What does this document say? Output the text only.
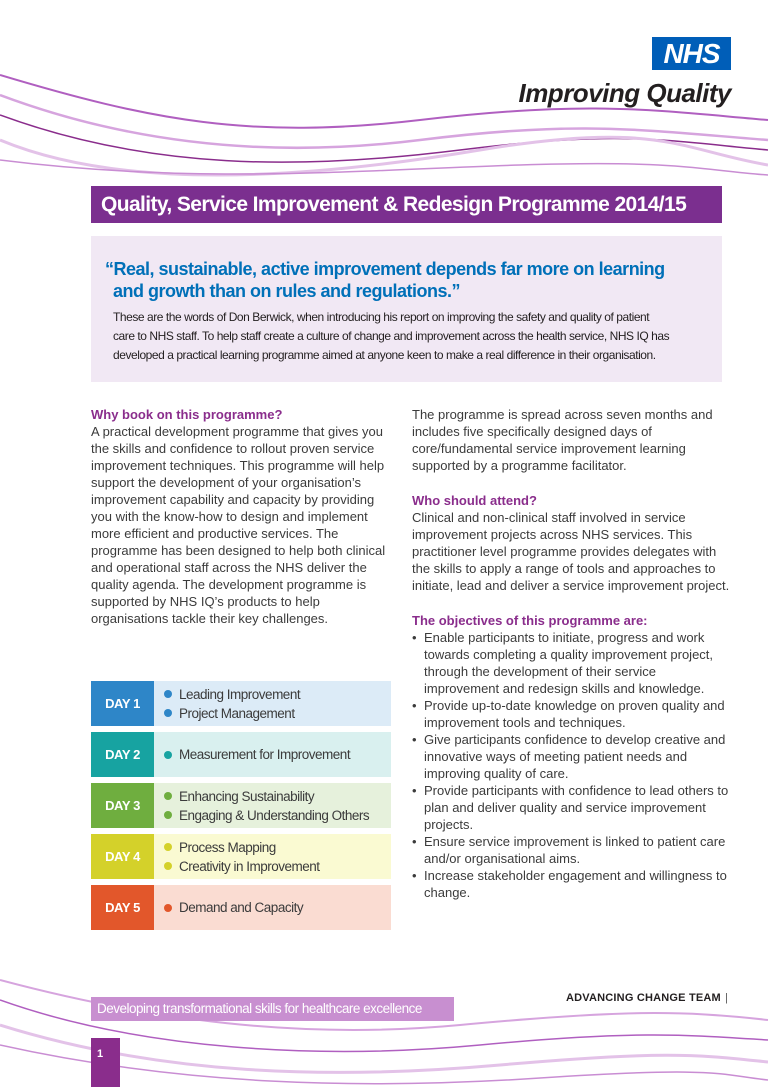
NHS
Improving Quality
Quality, Service Improvement & Redesign Programme 2014/15
“Real, sustainable, active improvement depends far more on learning
and growth than on rules and regulations.”
These are the words of Don Berwick, when introducing his report on improving the safety and quality of patient
care to NHS staff. To help staff create a culture of change and improvement across the health service, NHS IQ has
developed a practical learning programme aimed at anyone keen to make a real difference in their organisation.
Why book on this programme?

A practical development programme that gives you the skills and confidence to rollout proven service improvement techniques. This programme will help support the development of your organisation’s improvement capability and capacity by providing you with the know-how to design and implement more efficient and productive services. The programme has been designed to help both clinical and operational staff across the NHS deliver the quality agenda. The development programme is supported by NHS IQ’s products to help organisations tackle their key challenges.

The programme is spread across seven months and includes five specifically designed days of core/fundamental service improvement learning supported by a programme facilitator.

Who should attend?

Clinical and non-clinical staff involved in service improvement projects across NHS services. This practitioner level programme provides delegates with the skills to apply a range of tools and approaches to initiate, lead and deliver a service improvement project.

The objectives of this programme are:
• Enable participants to initiate, progress and work towards completing a quality improvement project, through the development of their service improvement and redesign skills and knowledge.
• Provide up-to-date knowledge on proven quality and improvement tools and techniques.
• Give participants confidence to develop creative and innovative ways of meeting patient needs and improving quality of care.
• Provide participants with confidence to lead others to plan and deliver quality and service improvement projects.
• Ensure service improvement is linked to patient care and/or organisational aims.
• Increase stakeholder engagement and willingness to change.
DAY 1
Leading Improvement
Project Management
DAY 2	Measurement for Improvement
DAY 3
Enhancing Sustainability
Engaging & Understanding Others
DAY 4
Process Mapping
Creativity in Improvement
DAY 5	Demand and Capacity
Developing transformational skills for healthcare excellence
ADVANCING CHANGE TEAM |
1
